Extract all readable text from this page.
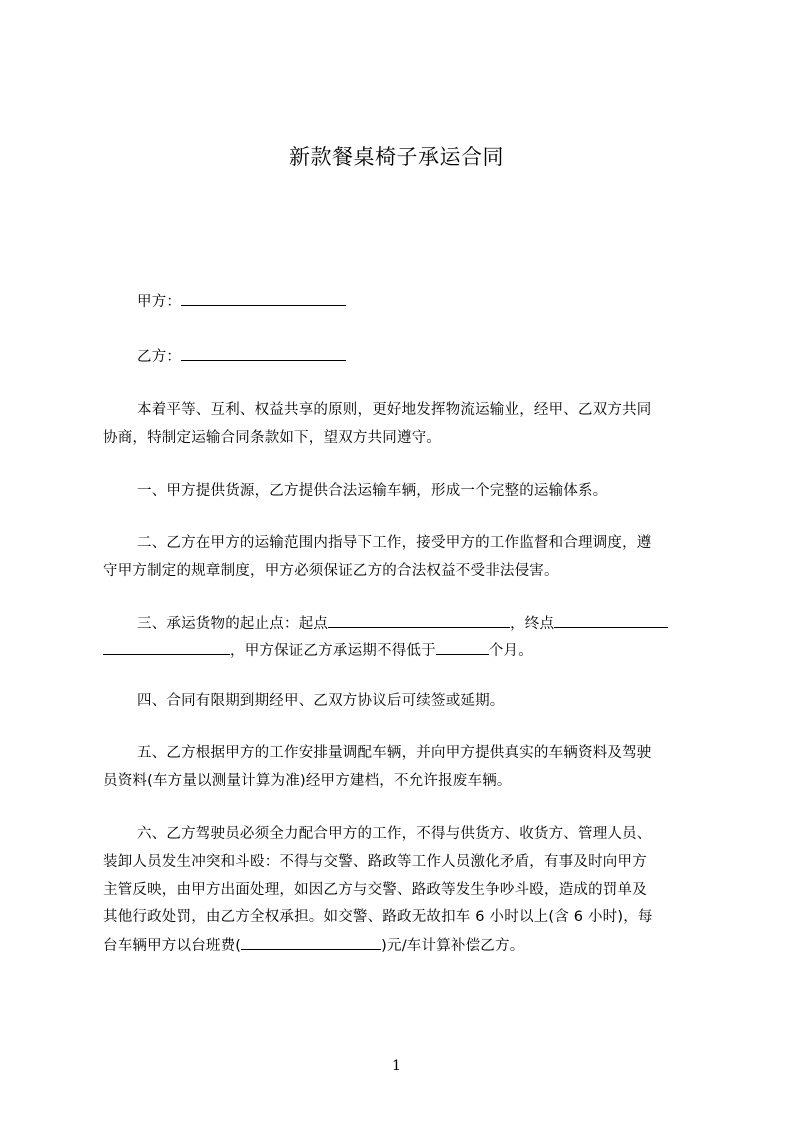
新款餐桌椅子承运合同
甲方：
乙方：
本着平等、互利、权益共享的原则，更好地发挥物流运输业，经甲、乙双方共同
协商，特制定运输合同条款如下，望双方共同遵守。
一、甲方提供货源，乙方提供合法运输车辆，形成一个完整的运输体系。
二、乙方在甲方的运输范围内指导下工作，接受甲方的工作监督和合理调度，遵
守甲方制定的规章制度，甲方必须保证乙方的合法权益不受非法侵害。
三、承运货物的起止点：起点	，终点
，甲方保证乙方承运期不得低于	个月。
四、合同有限期到期经甲、乙双方协议后可续签或延期。
五、乙方根据甲方的工作安排量调配车辆，并向甲方提供真实的车辆资料及驾驶
员资料(车方量以测量计算为准)经甲方建档，不允许报废车辆。
六、乙方驾驶员必须全力配合甲方的工作，不得与供货方、收货方、管理人员、
装卸人员发生冲突和斗殴：不得与交警、路政等工作人员激化矛盾，有事及时向甲方
主管反映，由甲方出面处理，如因乙方与交警、路政等发生争吵斗殴，造成的罚单及
其他行政处罚，由乙方全权承担。如交警、路政无故扣车 6 小时以上(含 6 小时)，每
台车辆甲方以台班费(	)元/车计算补偿乙方。
1
